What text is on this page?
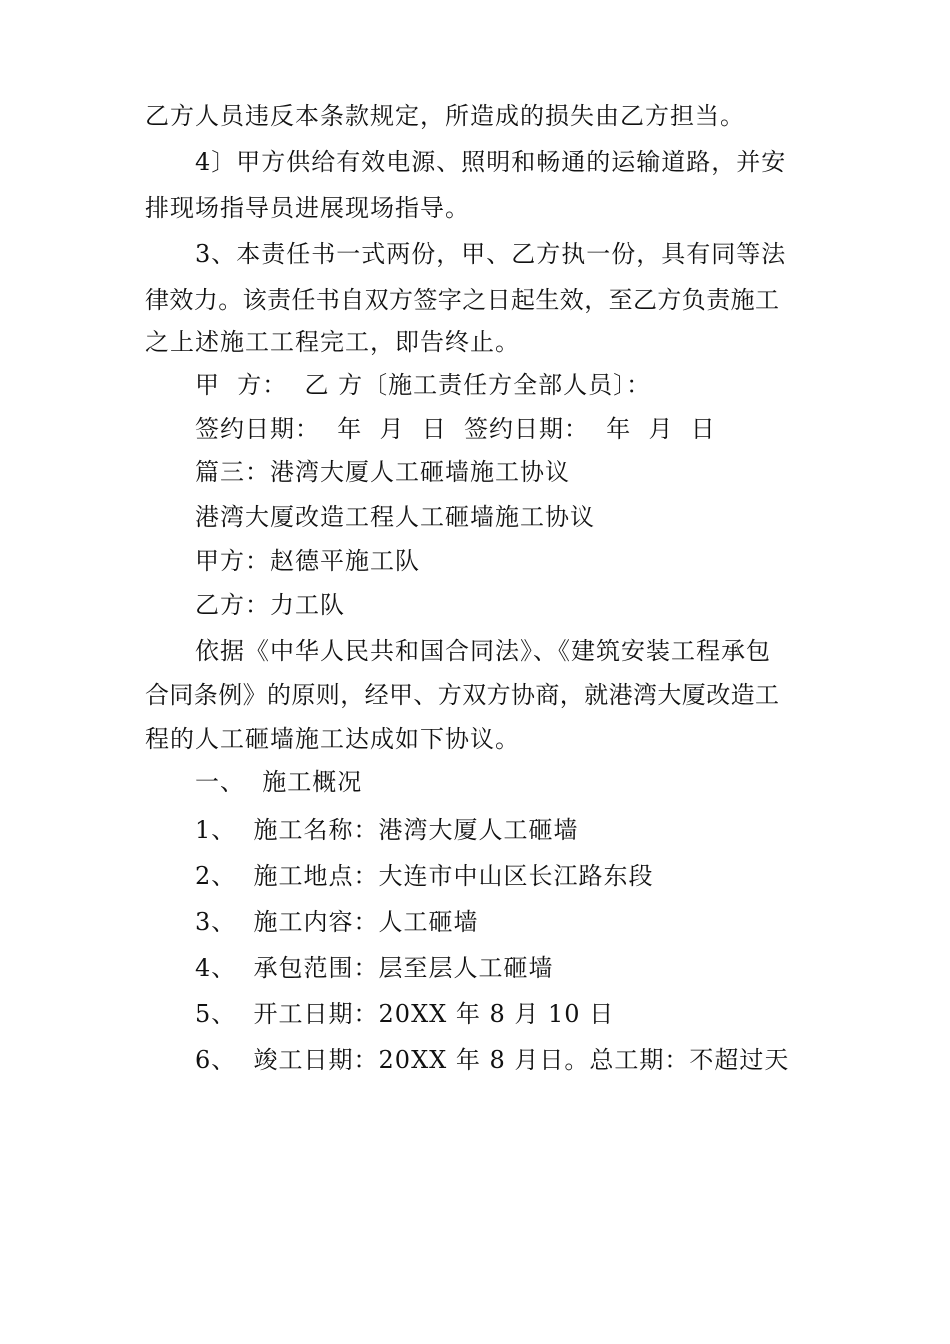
乙方人员违反本条款规定，所造成的损失由乙方担当。
4〕甲方供给有效电源、照明和畅通的运输道路，并安
排现场指导员进展现场指导。
3、本责任书一式两份，甲、乙方执一份，具有同等法
律效力。该责任书自双方签字之日起生效，至乙方负责施工
之上述施工工程完工，即告终止。
甲  方：  乙 方〔施工责任方全部人员〕：
签约日期：  年  月  日  签约日期：  年  月  日
篇三：港湾大厦人工砸墙施工协议
港湾大厦改造工程人工砸墙施工协议
甲方：赵德平施工队
乙方：力工队
依据《中华人民共和国合同法》、《建筑安装工程承包
合同条例》的原则，经甲、方双方协商，就港湾大厦改造工
程的人工砸墙施工达成如下协议。
一、  施工概况
1、  施工名称：港湾大厦人工砸墙
2、  施工地点：大连市中山区长江路东段
3、  施工内容：人工砸墙
4、  承包范围：层至层人工砸墙
5、  开工日期：20XX 年 8 月 10 日
6、  竣工日期：20XX 年 8 月日。总工期：不超过天
